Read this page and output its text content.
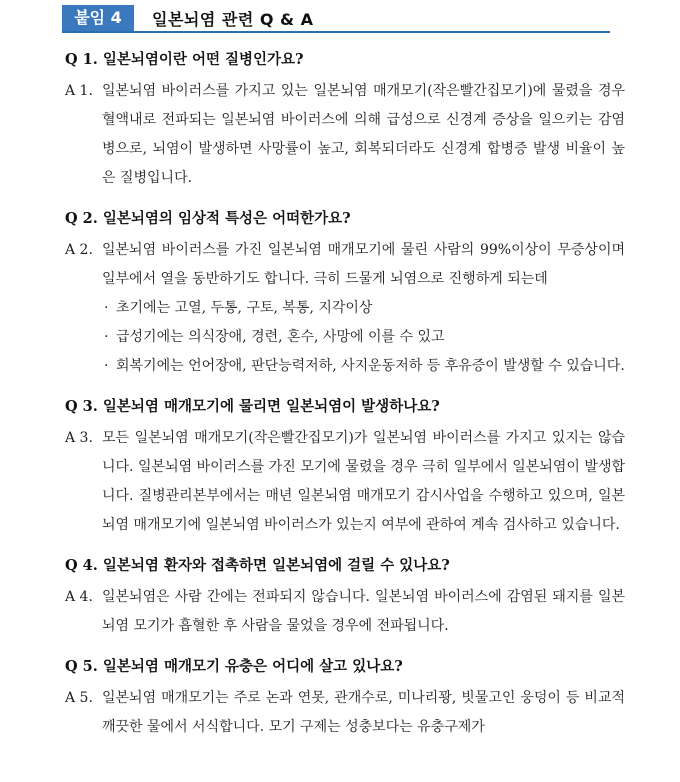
붙임 4	일본뇌염 관련 Q & A

Q 1. 일본뇌염이란 어떤 질병인가요?

A 1. 일본뇌염 바이러스를 가지고 있는 일본뇌염 매개모기(작은빨간집모기)에 물렸을 경우 혈액내로 전파되는 일본뇌염 바이러스에 의해 급성으로 신경계 증상을 일으키는 감염병으로, 뇌염이 발생하면 사망률이 높고, 회복되더라도 신경계 합병증 발생 비율이 높은 질병입니다.

Q 2. 일본뇌염의 임상적 특성은 어떠한가요?

A 2. 일본뇌염 바이러스를 가진 일본뇌염 매개모기에 물린 사람의 99%이상이 무증상이며 일부에서 열을 동반하기도 합니다. 극히 드물게 뇌염으로 진행하게 되는데

· 초기에는 고열, 두통, 구토, 복통, 지각이상
· 급성기에는 의식장애, 경련, 혼수, 사망에 이를 수 있고
· 회복기에는 언어장애, 판단능력저하, 사지운동저하 등 후유증이 발생할 수 있습니다.

Q 3. 일본뇌염 매개모기에 물리면 일본뇌염이 발생하나요?

A 3. 모든 일본뇌염 매개모기(작은빨간집모기)가 일본뇌염 바이러스를 가지고 있지는 않습니다. 일본뇌염 바이러스를 가진 모기에 물렸을 경우 극히 일부에서 일본뇌염이 발생합니다. 질병관리본부에서는 매년 일본뇌염 매개모기 감시사업을 수행하고 있으며, 일본뇌염 매개모기에 일본뇌염 바이러스가 있는지 여부에 관하여 계속 검사하고 있습니다.

Q 4. 일본뇌염 환자와 접촉하면 일본뇌염에 걸릴 수 있나요?

A 4. 일본뇌염은 사람 간에는 전파되지 않습니다. 일본뇌염 바이러스에 감염된 돼지를 일본뇌염 모기가 흡혈한 후 사람을 물었을 경우에 전파됩니다.

Q 5. 일본뇌염 매개모기 유충은 어디에 살고 있나요?

A 5. 일본뇌염 매개모기는 주로 논과 연못, 관개수로, 미나리꽝, 빗물고인 웅덩이 등 비교적 깨끗한 물에서 서식합니다. 모기 구제는 성충보다는 유충구제가
